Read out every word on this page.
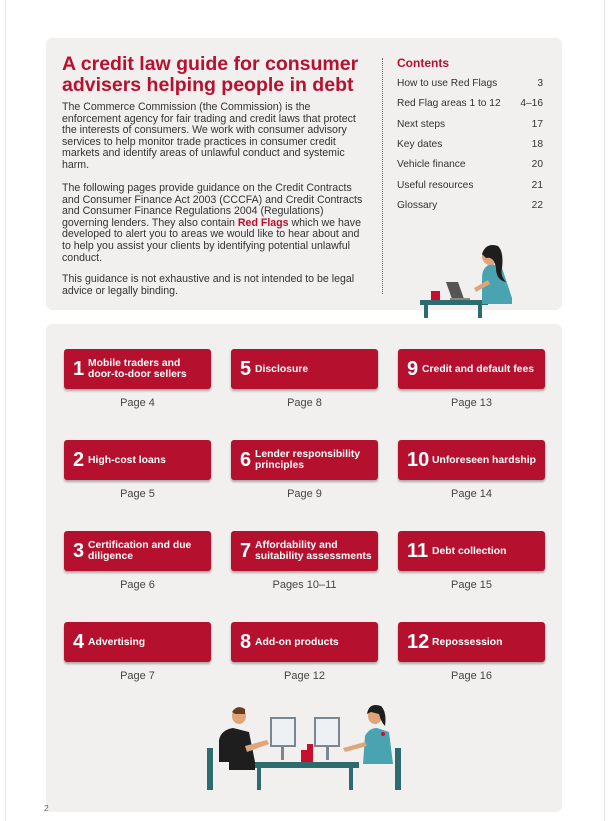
A credit law guide for consumer advisers helping people in debt

The Commerce Commission (the Commission) is the enforcement agency for fair trading and credit laws that protect the interests of consumers. We work with consumer advisory services to help monitor trade practices in consumer credit markets and identify areas of unlawful conduct and systemic harm.

The following pages provide guidance on the Credit Contracts and Consumer Finance Act 2003 (CCCFA) and Credit Contracts and Consumer Finance Regulations 2004 (Regulations) governing lenders. They also contain Red Flags which we have developed to alert you to areas we would like to hear about and to help you assist your clients by identifying potential unlawful conduct.

This guidance is not exhaustive and is not intended to be legal advice or legally binding.

Contents
How to use Red Flags	3
Red Flag areas 1 to 12 4–16
Next steps	17
Key dates	18
Vehicle finance	20
Useful resources	21
Glossary	22
1 Mobile traders and door-to-door sellers
Page 4
2 High-cost loans
Page 5
3 Certification and due diligence
Page 6
4 Advertising
Page 7
5 Disclosure
Page 8
6 Lender responsibility principles
Page 9
7 Affordability and suitability assessments
Pages 10–11
8 Add-on products
Page 12
9 Credit and default fees
Page 13
10 Unforeseen hardship
Page 14
11 Debt collection
Page 15
12 Repossession
Page 16
2
